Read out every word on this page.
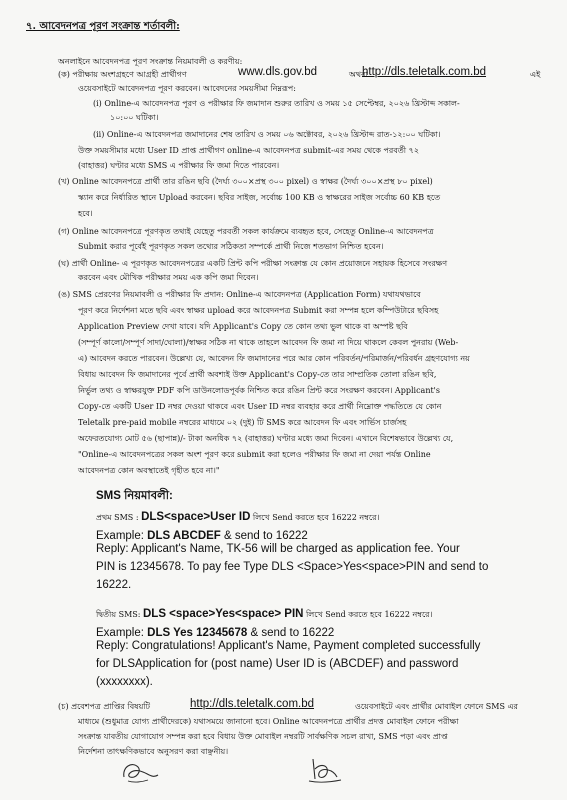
৭. আবেদনপত্র পূরণ সংক্রান্ত শর্তাবলী:
অনলাইনে আবেদনপত্র পূরণ সংক্রান্ত নিয়মাবলী ও করণীয়:
(ক) পরীক্ষায় অংশগ্রহণে আগ্রহী প্রার্থীগণ	www.dls.gov.bd	অথবা
http://dls.teletalk.com.bd	এই
ওয়েবসাইটে আবেদনপত্র পূরণ করবেন। আবেদনের সময়সীমা নিম্নরূপ:
(i) Online-এ আবেদনপত্র পূরণ ও পরীক্ষার ফি জমাদান শুরুর তারিখ ও সময় ১৫ সেপ্টেম্বর, ২০২৬ খ্রিস্টাব্দ সকাল-
১০:০০ ঘটিকা।
(ii) Online-এ আবেদনপত্র জমাদানের শেষ তারিখ ও সময় ০৬ অক্টোবর, ২০২৬ খ্রিস্টাব্দ রাত-১২:০০ ঘটিকা।
উক্ত সময়সীমার মধ্যে User ID প্রাপ্ত প্রার্থীগণ online-এ আবেদনপত্র submit-এর সময় থেকে পরবর্তী ৭২
(বাহাত্তর) ঘণ্টার মধ্যে SMS এ পরীক্ষার ফি জমা দিতে পারবেন।
(খ) Online আবেদনপত্রে প্রার্থী তার রঙিন ছবি (দৈর্ঘ্য ৩০০×প্রস্থ ৩০০ pixel) ও স্বাক্ষর (দৈর্ঘ্য ৩০০×প্রস্থ ৮০ pixel)
স্ক্যান করে নির্ধারিত স্থানে Upload করবেন। ছবির সাইজ, সর্বোচ্চ 100 KB ও স্বাক্ষরের সাইজ সর্বোচ্চ 60 KB হতে
হবে।
(গ) Online আবেদনপত্রে পূরণকৃত তথ্যই যেহেতু পরবর্তী সকল কার্যক্রমে ব্যবহৃত হবে, সেহেতু Online-এ আবেদনপত্র
Submit করার পূর্বেই পূরণকৃত সকল তথ্যের সঠিকতা সম্পর্কে প্রার্থী নিজে শতভাগ নিশ্চিত হবেন।
(ঘ) প্রার্থী Online- এ পূরণকৃত আবেদনপত্রের একটি প্রিন্ট কপি পরীক্ষা সংক্রান্ত যে কোন প্রয়োজনে সহায়ক হিসেবে সংরক্ষণ
করবেন এবং মৌখিক পরীক্ষার সময় এক কপি জমা দিবেন।
(ঙ) SMS প্রেরণের নিয়মাবলী ও পরীক্ষার ফি প্রদান: Online-এ আবেদনপত্র (Application Form) যথাযথভাবে
পূরণ করে নির্দেশনা মতে ছবি এবং স্বাক্ষর upload করে আবেদনপত্র Submit করা সম্পন্ন হলে কম্পিউটারে ছবিসহ
Application Preview দেখা যাবে। যদি Applicant's Copy তে কোন তথ্য ভুল থাকে বা অস্পষ্ট ছবি
(সম্পূর্ণ কালো/সম্পূর্ণ সাদা/ঘোলা)/স্বাক্ষর সঠিক না থাকে তাহলে আবেদন ফি জমা না দিয়ে থাকলে কেবল পুনরায় (Web-
এ) আবেদন করতে পারবেন। উল্লেখ্য যে, আবেদন ফি জমাদানের পরে আর কোন পরিবর্তন/পরিমার্জন/পরিবর্ধন গ্রহণযোগ্য নয়
বিধায় আবেদন ফি জমাদানের পূর্বে প্রার্থী অবশ্যই উক্ত Applicant's Copy-তে তার সাম্প্রতিক তোলা রঙিন ছবি,
নির্ভুল তথ্য ও স্বাক্ষরযুক্ত PDF কপি ডাউনলোডপূর্বক নিশ্চিত করে রঙিন প্রিন্ট করে সংরক্ষণ করবেন। Applicant's
Copy-তে একটি User ID নম্বর দেওয়া থাকবে এবং User ID নম্বর ব্যবহার করে প্রার্থী নিম্নোক্ত পদ্ধতিতে যে কোন
Teletalk pre-paid mobile নম্বরের মাধ্যমে ০২ (দুই) টি SMS করে আবেদন ফি এবং সার্ভিস চার্জসহ
অফেরতযোগ্য মোট ৫৬ (ছাপান্ন)/- টাকা অনধিক ৭২ (বাহাত্তর) ঘণ্টার মধ্যে জমা দিবেন। এখানে বিশেষভাবে উল্লেখ্য যে,
"Online-এ আবেদনপত্রের সকল অংশ পূরণ করে submit করা হলেও পরীক্ষার ফি জমা না দেয়া পর্যন্ত Online
আবেদনপত্র কোন অবস্থাতেই গৃহীত হবে না।"
SMS নিয়মাবলী:
প্রথম SMS : DLS<space>User ID লিখে Send করতে হবে 16222 নম্বরে।
Example: DLS ABCDEF & send to 16222
Reply: Applicant's Name, TK-56 will be charged as application fee. Your
PIN is 12345678. To pay fee Type DLS <Space>Yes<space>PIN and send to
16222.
দ্বিতীয় SMS: DLS <space>Yes<space> PIN লিখে Send করতে হবে 16222 নম্বরে।
Example: DLS Yes 12345678 & send to 16222
Reply: Congratulations! Applicant's Name, Payment completed successfully
for DLSApplication for (post name) User ID is (ABCDEF) and password
(xxxxxxxx).
(চ) প্রবেশপত্র প্রাপ্তির বিষয়টি	http://dls.teletalk.com.bd	ওয়েবসাইটে এবং প্রার্থীর মোবাইল ফোনে SMS এর
মাধ্যমে (শুধুমাত্র যোগ্য প্রার্থীদেরকে) যথাসময়ে জানানো হবে। Online আবেদনপত্রে প্রার্থীর প্রদত্ত মোবাইল ফোনে পরীক্ষা
সংক্রান্ত যাবতীয় যোগাযোগ সম্পন্ন করা হবে বিধায় উক্ত মোবাইল নম্বরটি সার্বক্ষণিক সচল রাখা, SMS পড়া এবং প্রাপ্ত
নির্দেশনা তাৎক্ষণিকভাবে অনুসরণ করা বাঞ্ছনীয়।
